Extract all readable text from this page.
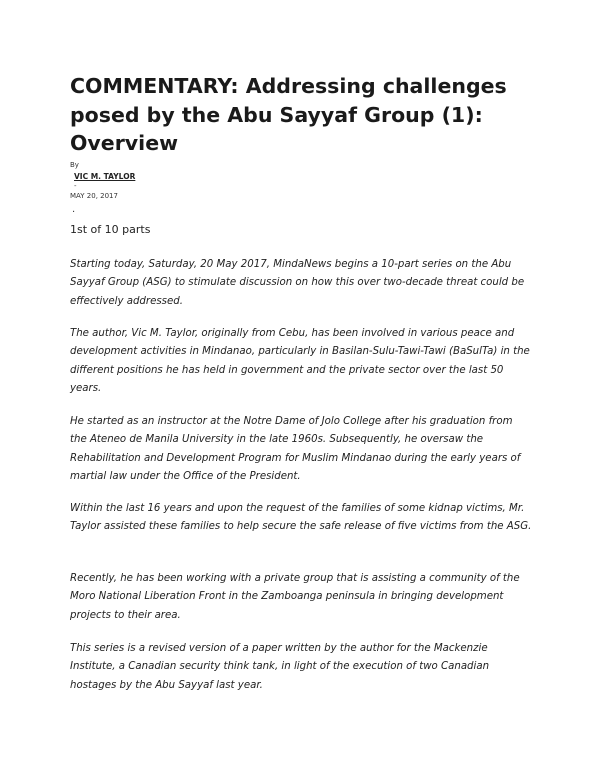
COMMENTARY: Addressing challenges posed by the Abu Sayyaf Group (1): Overview
By
VIC M. TAYLOR
-
MAY 20, 2017
.
1st of 10 parts

Starting today, Saturday, 20 May 2017, MindaNews begins a 10-part series on the Abu Sayyaf Group (ASG) to stimulate discussion on how this over two-decade threat could be effectively addressed.

The author, Vic M. Taylor, originally from Cebu, has been involved in various peace and development activities in Mindanao, particularly in Basilan-Sulu-Tawi-Tawi (BaSulTa) in the different positions he has held in government and the private sector over the last 50 years.

He started as an instructor at the Notre Dame of Jolo College after his graduation from the Ateneo de Manila University in the late 1960s. Subsequently, he oversaw the Rehabilitation and Development Program for Muslim Mindanao during the early years of martial law under the Office of the President.

Within the last 16 years and upon the request of the families of some kidnap victims, Mr. Taylor assisted these families to help secure the safe release of five victims from the ASG.

Recently, he has been working with a private group that is assisting a community of the Moro National Liberation Front in the Zamboanga peninsula in bringing development projects to their area.

This series is a revised version of a paper written by the author for the Mackenzie Institute, a Canadian security think tank, in light of the execution of two Canadian hostages by the Abu Sayyaf last year.
